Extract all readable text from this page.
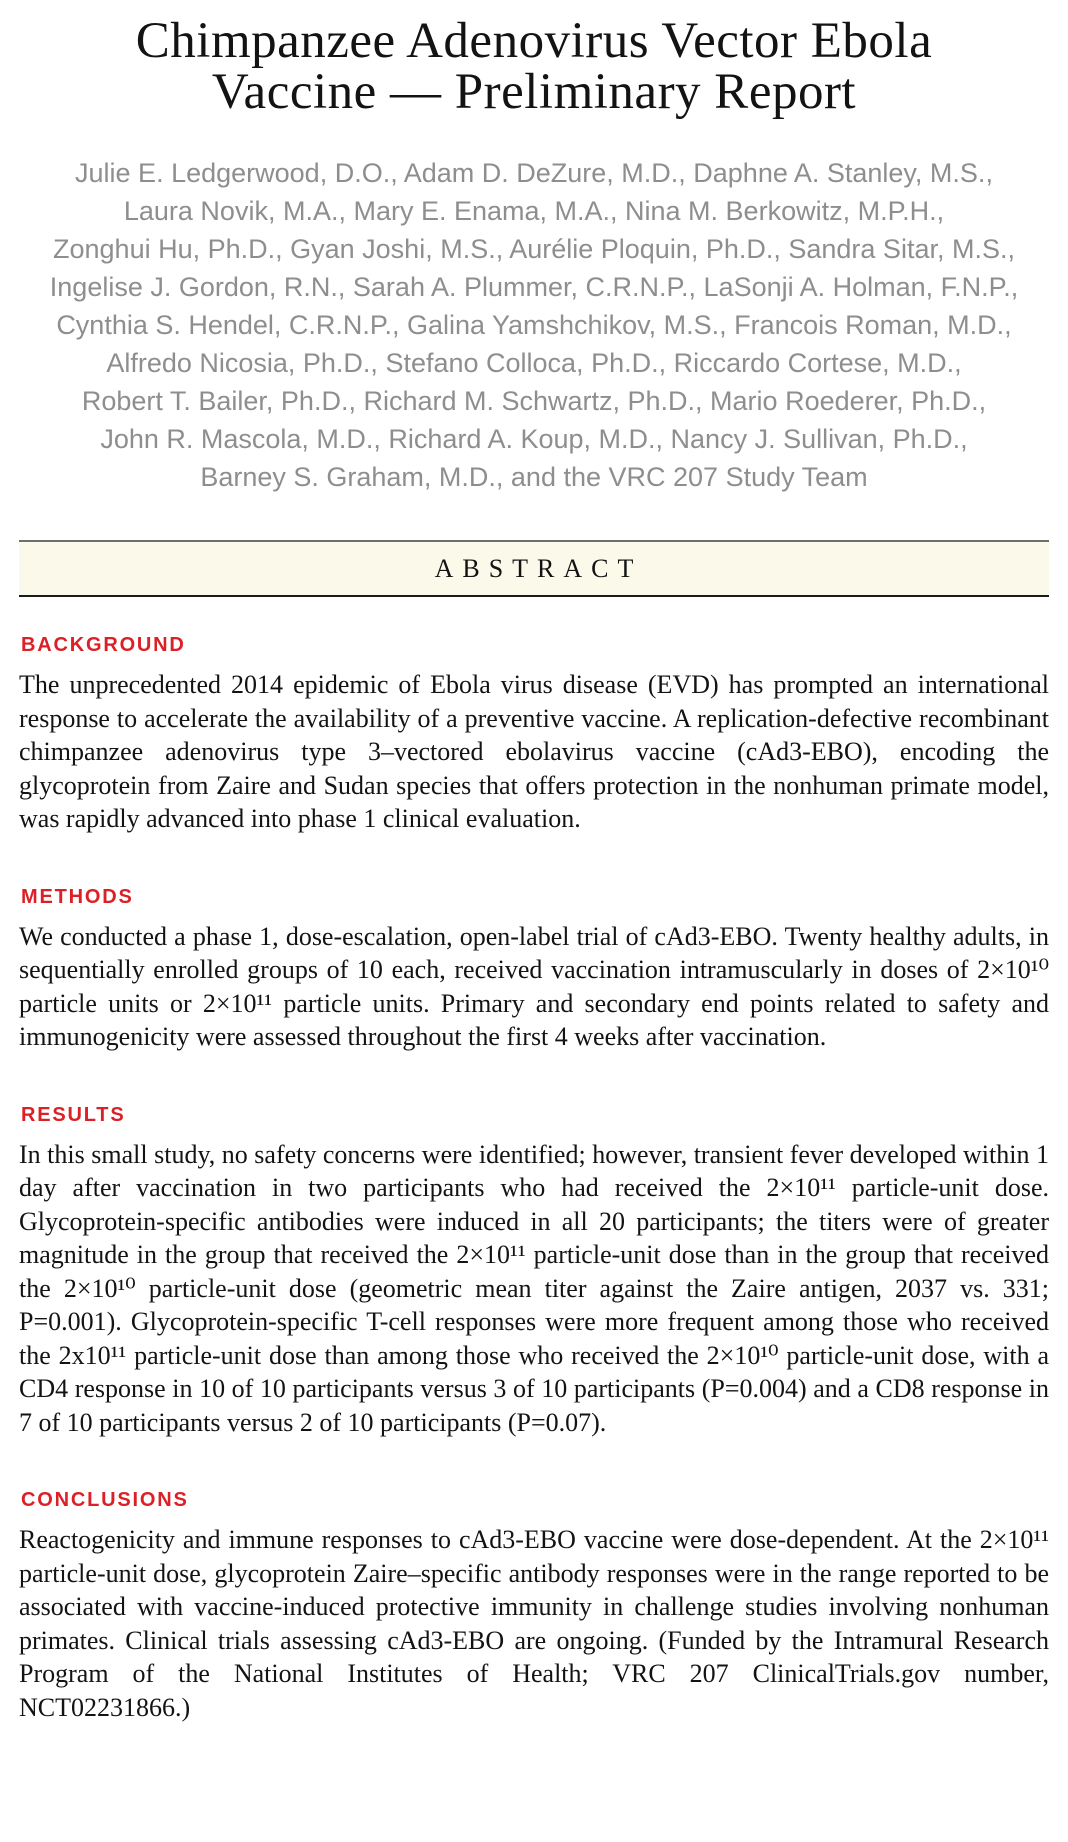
Chimpanzee Adenovirus Vector Ebola
Vaccine — Preliminary Report
Julie E. Ledgerwood, D.O., Adam D. DeZure, M.D., Daphne A. Stanley, M.S.,
Laura Novik, M.A., Mary E. Enama, M.A., Nina M. Berkowitz, M.P.H.,
Zonghui Hu, Ph.D., Gyan Joshi, M.S., Aurélie Ploquin, Ph.D., Sandra Sitar, M.S.,
Ingelise J. Gordon, R.N., Sarah A. Plummer, C.R.N.P., LaSonji A. Holman, F.N.P.,
Cynthia S. Hendel, C.R.N.P., Galina Yamshchikov, M.S., Francois Roman, M.D.,
Alfredo Nicosia, Ph.D., Stefano Colloca, Ph.D., Riccardo Cortese, M.D.,
Robert T. Bailer, Ph.D., Richard M. Schwartz, Ph.D., Mario Roederer, Ph.D.,
John R. Mascola, M.D., Richard A. Koup, M.D., Nancy J. Sullivan, Ph.D.,
Barney S. Graham, M.D., and the VRC 207 Study Team
ABSTRACT
BACKGROUND

The unprecedented 2014 epidemic of Ebola virus disease (EVD) has prompted an international response to accelerate the availability of a preventive vaccine. A replication-defective recombinant chimpanzee adenovirus type 3–vectored ebolavirus vaccine (cAd3-EBO), encoding the glycoprotein from Zaire and Sudan species that offers protection in the nonhuman primate model, was rapidly advanced into phase 1 clinical evaluation.

METHODS

We conducted a phase 1, dose-escalation, open-label trial of cAd3-EBO. Twenty healthy adults, in sequentially enrolled groups of 10 each, received vaccination intramuscularly in doses of 2×10¹⁰ particle units or 2×10¹¹ particle units. Primary and secondary end points related to safety and immunogenicity were assessed throughout the first 4 weeks after vaccination.

RESULTS

In this small study, no safety concerns were identified; however, transient fever developed within 1 day after vaccination in two participants who had received the 2×10¹¹ particle-unit dose. Glycoprotein-specific antibodies were induced in all 20 participants; the titers were of greater magnitude in the group that received the 2×10¹¹ particle-unit dose than in the group that received the 2×10¹⁰ particle-unit dose (geometric mean titer against the Zaire antigen, 2037 vs. 331; P=0.001). Glycoprotein-specific T-cell responses were more frequent among those who received the 2x10¹¹ particle-unit dose than among those who received the 2×10¹⁰ particle-unit dose, with a CD4 response in 10 of 10 participants versus 3 of 10 participants (P=0.004) and a CD8 response in 7 of 10 participants versus 2 of 10 participants (P=0.07).

CONCLUSIONS

Reactogenicity and immune responses to cAd3-EBO vaccine were dose-dependent. At the 2×10¹¹ particle-unit dose, glycoprotein Zaire–specific antibody responses were in the range reported to be associated with vaccine-induced protective immunity in challenge studies involving nonhuman primates. Clinical trials assessing cAd3-EBO are ongoing. (Funded by the Intramural Research Program of the National Institutes of Health; VRC 207 ClinicalTrials.gov number, NCT02231866.)
